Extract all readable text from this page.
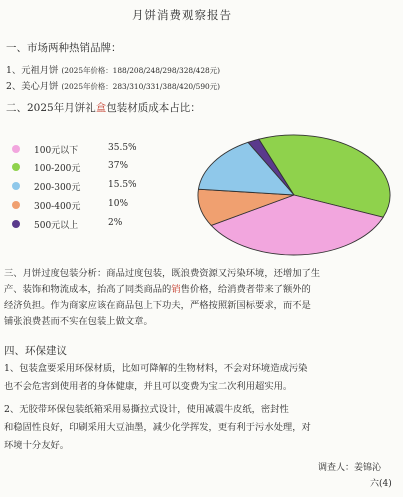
月饼消费观察报告
一、市场两种热销品牌：
1、元祖月饼 (2025年价格：188/208/248/298/328/428元)
2、美心月饼 (2025年价格：283/310/331/388/420/590元)
二、2025年月饼礼盒包装材质成本占比：
100元以下	35.5%
100-200元	37%
200-300元	15.5%
300-400元	10%
500元以上	2%
三、月饼过度包装分析：商品过度包装，既浪费资源又污染环境，还增加了生
产、装饰和物流成本，抬高了同类商品的销售价格，给消费者带来了额外的
经济负担。作为商家应该在商品包上下功夫，严格按照新国标要求，而不是
铺张浪费甚而不实在包装上做文章。
四、环保建议
1、包装盒要采用环保材质，比如可降解的生物材料，不会对环境造成污染
也不会危害到使用者的身体健康，并且可以变费为宝二次利用超实用。
2、无胶带环保包装纸箱采用易撕拉式设计，使用减震牛皮纸，密封性
和稳固性良好，印刷采用大豆油墨，减少化学挥发，更有利于污水处理，对
环境十分友好。
调查人：姜锦沁
六(4)
